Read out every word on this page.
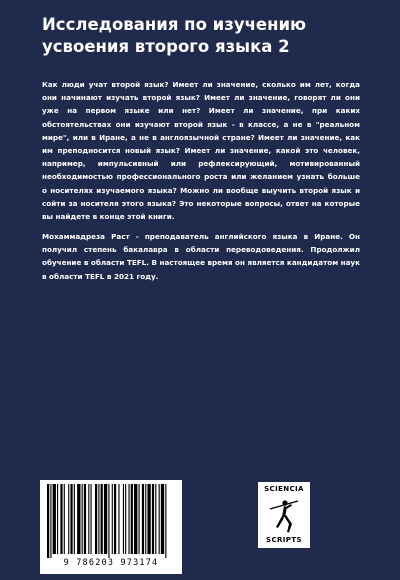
Исследования по изучению усвоения второго языка 2

Как люди учат второй язык? Имеет ли значение, сколько им лет, когда они начинают изучать второй язык? Имеет ли значение, говорят ли они уже на первом языке или нет? Имеет ли значение, при каких обстоятельствах они изучают второй язык - в классе, а не в "реальном мире", или в Иране, а не в англоязычной стране? Имеет ли значение, как им преподносится новый язык? Имеет ли значение, какой это человек, например, импульсивный или рефлексирующий, мотивированный необходимостью профессионального роста или желанием узнать больше о носителях изучаемого языка? Можно ли вообще выучить второй язык и сойти за носителя этого языка? Это некоторые вопросы, ответ на которые вы найдете в конце этой книги.

Мохаммадреза Раст - преподаватель английского языка в Иране. Он получил степень бакалавра в области переводоведения. Продолжил обучение в области TEFL. В настоящее время он является кандидатом наук в области TEFL в 2021 году.

9 786203 973174
SCIENCIA
SCRIPTS
